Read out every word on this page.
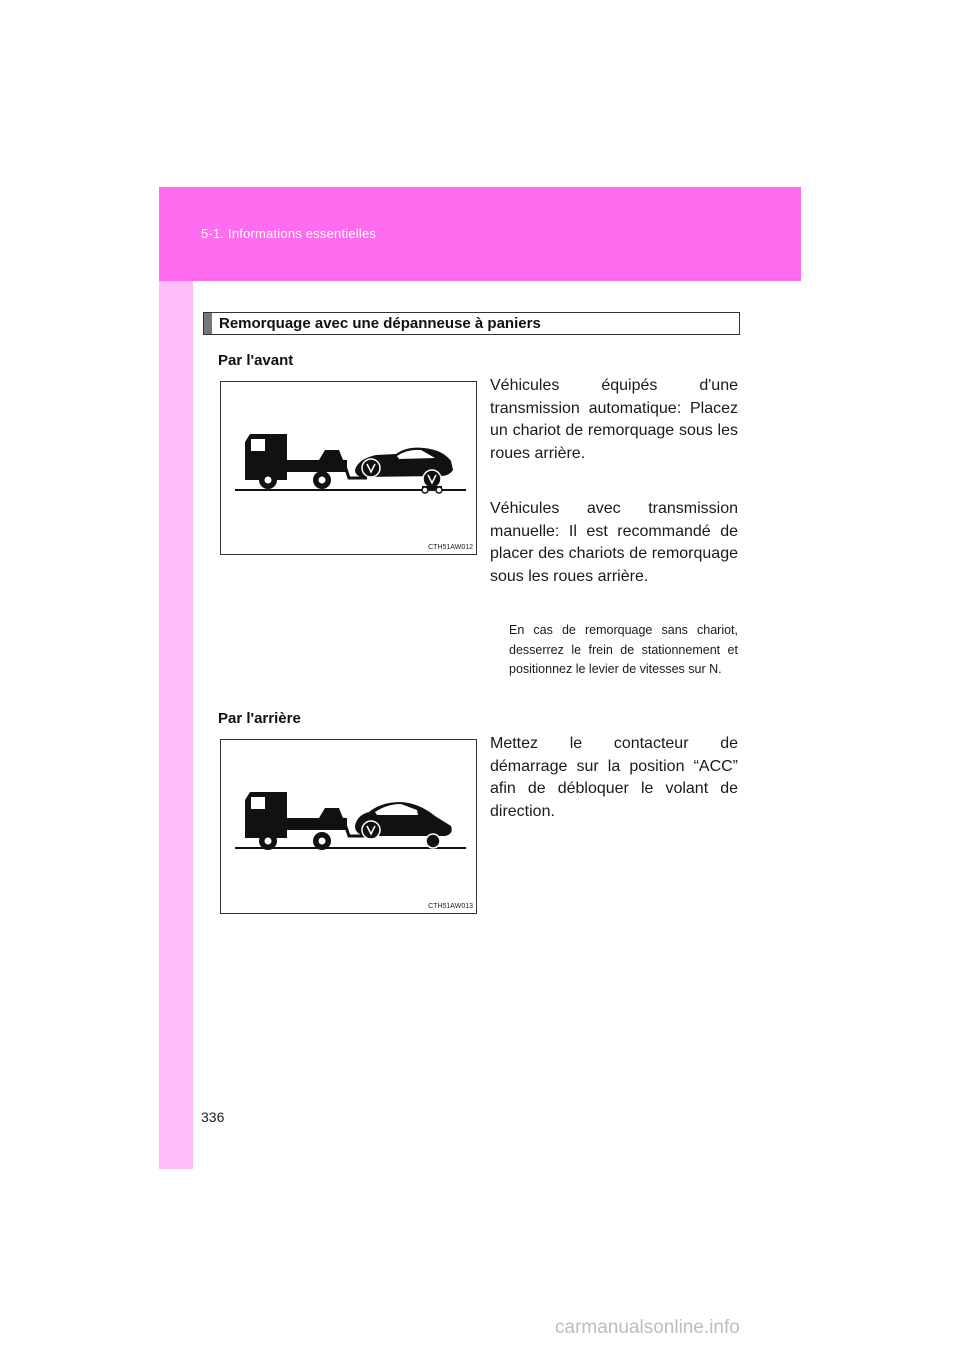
5-1. Informations essentielles
Remorquage avec une dépanneuse à paniers
Par l'avant
CTH51AW012

Véhicules équipés d'une transmission automatique: Placez un chariot de remorquage sous les roues arrière.

Véhicules avec transmission manuelle: Il est recommandé de placer des chariots de remorquage sous les roues arrière.

En cas de remorquage sans chariot, desserrez le frein de stationnement et positionnez le levier de vitesses sur N.

Par l'arrière
CTH51AW013

Mettez le contacteur de démarrage sur la position “ACC” afin de débloquer le volant de direction.

336
carmanualsonline.info
